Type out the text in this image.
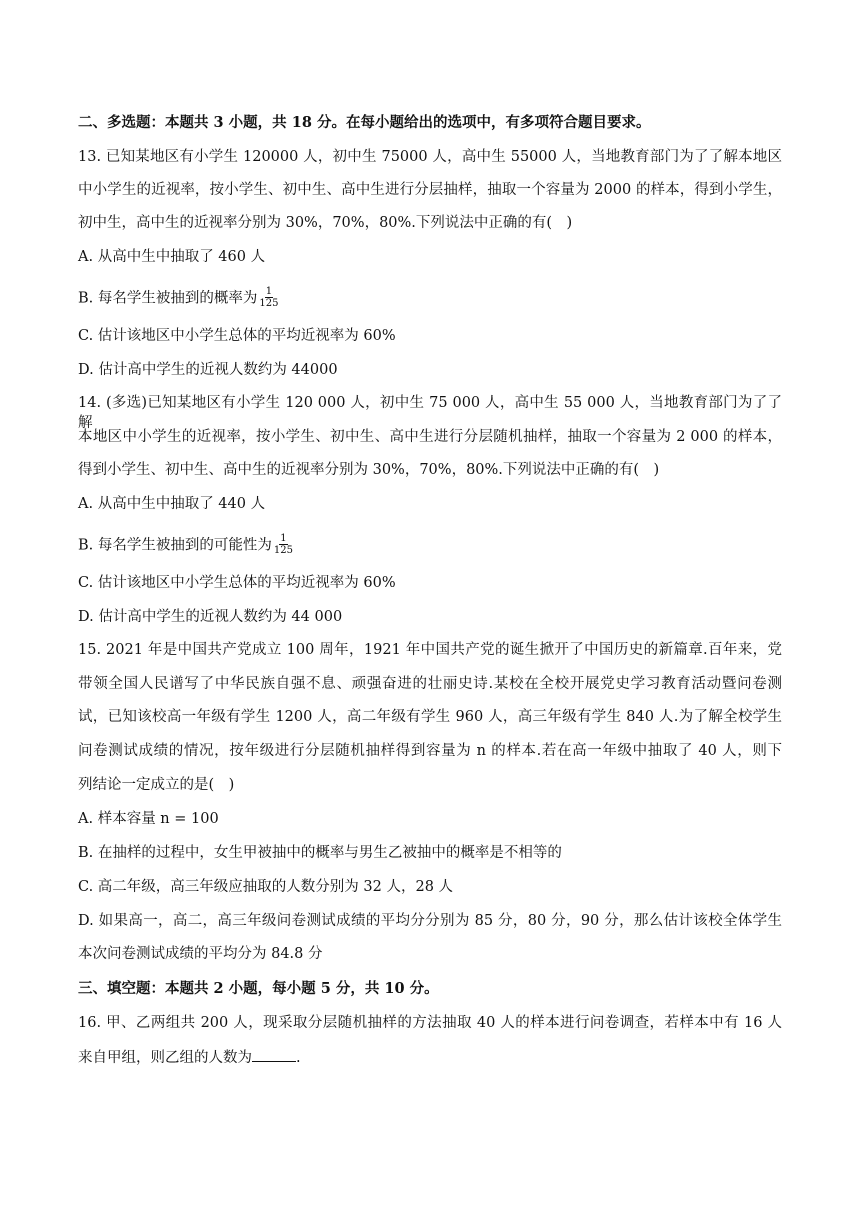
二、多选题：本题共 3 小题，共 18 分。在每小题给出的选项中，有多项符合题目要求。
13. 已知某地区有小学生 120000 人，初中生 75000 人，高中生 55000 人，当地教育部门为了了解本地区
中小学生的近视率，按小学生、初中生、高中生进行分层抽样，抽取一个容量为 2000 的样本，得到小学生，
初中生，高中生的近视率分别为 30%，70%，80%.下列说法中正确的有(　)
A. 从高中生中抽取了 460 人
B. 每名学生被抽到的概率为 $\frac{1}{125}$
C. 估计该地区中小学生总体的平均近视率为 60%
D. 估计高中学生的近视人数约为 44000
14. (多选)已知某地区有小学生 120 000 人，初中生 75 000 人，高中生 55 000 人，当地教育部门为了了解
本地区中小学生的近视率，按小学生、初中生、高中生进行分层随机抽样，抽取一个容量为 2 000 的样本，
得到小学生、初中生、高中生的近视率分别为 30%，70%，80%.下列说法中正确的有(　)
A. 从高中生中抽取了 440 人
B. 每名学生被抽到的可能性为 $\frac{1}{125}$
C. 估计该地区中小学生总体的平均近视率为 60%
D. 估计高中学生的近视人数约为 44 000
15. 2021 年是中国共产党成立 100 周年，1921 年中国共产党的诞生掀开了中国历史的新篇章.百年来，党
带领全国人民谱写了中华民族自强不息、顽强奋进的壮丽史诗.某校在全校开展党史学习教育活动暨问卷测
试，已知该校高一年级有学生 1200 人，高二年级有学生 960 人，高三年级有学生 840 人.为了解全校学生
问卷测试成绩的情况，按年级进行分层随机抽样得到容量为 n 的样本.若在高一年级中抽取了 40 人，则下
列结论一定成立的是(　)
A. 样本容量 n = 100
B. 在抽样的过程中，女生甲被抽中的概率与男生乙被抽中的概率是不相等的
C. 高二年级，高三年级应抽取的人数分别为 32 人，28 人
D. 如果高一，高二，高三年级问卷测试成绩的平均分分别为 85 分，80 分，90 分，那么估计该校全体学生
本次问卷测试成绩的平均分为 84.8 分
三、填空题：本题共 2 小题，每小题 5 分，共 10 分。
16. 甲、乙两组共 200 人，现采取分层随机抽样的方法抽取 40 人的样本进行问卷调查，若样本中有 16 人
来自甲组，则乙组的人数为	.
